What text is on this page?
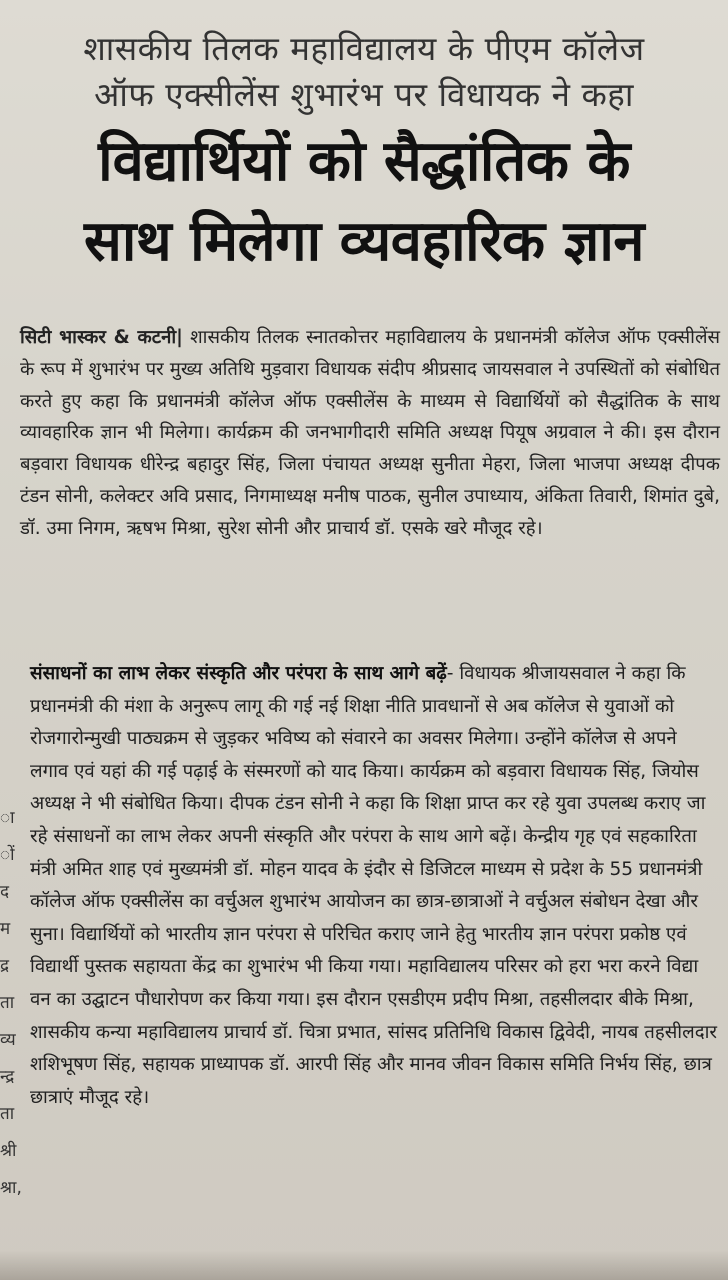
शासकीय तिलक महाविद्यालय के पीएम कॉलेज
ऑफ एक्सीलेंस शुभारंभ पर विधायक ने कहा
विद्यार्थियों को सैद्धांतिक के
साथ मिलेगा व्यवहारिक ज्ञान

सिटी भास्कर & कटनी| शासकीय तिलक स्नातकोत्तर महाविद्यालय के प्रधानमंत्री कॉलेज ऑफ एक्सीलेंस के रूप में शुभारंभ पर मुख्य अतिथि मुड़वारा विधायक संदीप श्रीप्रसाद जायसवाल ने उपस्थितों को संबोधित करते हुए कहा कि प्रधानमंत्री कॉलेज ऑफ एक्सीलेंस के माध्यम से विद्यार्थियों को सैद्धांतिक के साथ व्यावहारिक ज्ञान भी मिलेगा। कार्यक्रम की जनभागीदारी समिति अध्यक्ष पियूष अग्रवाल ने की। इस दौरान बड़वारा विधायक धीरेन्द्र बहादुर सिंह, जिला पंचायत अध्यक्ष सुनीता मेहरा, जिला भाजपा अध्यक्ष दीपक टंडन सोनी, कलेक्टर अवि प्रसाद, निगमाध्यक्ष मनीष पाठक, सुनील उपाध्याय, अंकिता तिवारी, शिमांत दुबे, डॉ. उमा निगम, ऋषभ मिश्रा, सुरेश सोनी और प्राचार्य डॉ. एसके खरे मौजूद रहे।

संसाधनों का लाभ लेकर संस्कृति और परंपरा के साथ आगे बढ़ें- विधायक श्रीजायसवाल ने कहा कि प्रधानमंत्री की मंशा के अनुरूप लागू की गई नई शिक्षा नीति प्रावधानों से अब कॉलेज से युवाओं को रोजगारोन्मुखी पाठ्यक्रम से जुड़कर भविष्य को संवारने का अवसर मिलेगा। उन्होंने कॉलेज से अपने लगाव एवं यहां की गई पढ़ाई के संस्मरणों को याद किया। कार्यक्रम को बड़वारा विधायक सिंह, जियोस अध्यक्ष ने भी संबोधित किया। दीपक टंडन सोनी ने कहा कि शिक्षा प्राप्त कर रहे युवा उपलब्ध कराए जा रहे संसाधनों का लाभ लेकर अपनी संस्कृति और परंपरा के साथ आगे बढ़ें। केन्द्रीय गृह एवं सहकारिता मंत्री अमित शाह एवं मुख्यमंत्री डॉ. मोहन यादव के इंदौर से डिजिटल माध्यम से प्रदेश के 55 प्रधानमंत्री कॉलेज ऑफ एक्सीलेंस का वर्चुअल शुभारंभ आयोजन का छात्र-छात्राओं ने वर्चुअल संबोधन देखा और सुना। विद्यार्थियों को भारतीय ज्ञान परंपरा से परिचित कराए जाने हेतु भारतीय ज्ञान परंपरा प्रकोष्ठ एवं विद्यार्थी पुस्तक सहायता केंद्र का शुभारंभ भी किया गया। महाविद्यालय परिसर को हरा भरा करने विद्या वन का उद्घाटन पौधारोपण कर किया गया। इस दौरान एसडीएम प्रदीप मिश्रा, तहसीलदार बीके मिश्रा, शासकीय कन्या महाविद्यालय प्राचार्य डॉ. चित्रा प्रभात, सांसद प्रतिनिधि विकास द्विवेदी, नायब तहसीलदार शशिभूषण सिंह, सहायक प्राध्यापक डॉ. आरपी सिंह और मानव जीवन विकास समिति निर्भय सिंह, छात्र छात्राएं मौजूद रहे।

ा
ों
द
म
द्र
ता
व्य
न्द्र
ता
श्री
श्रा,
